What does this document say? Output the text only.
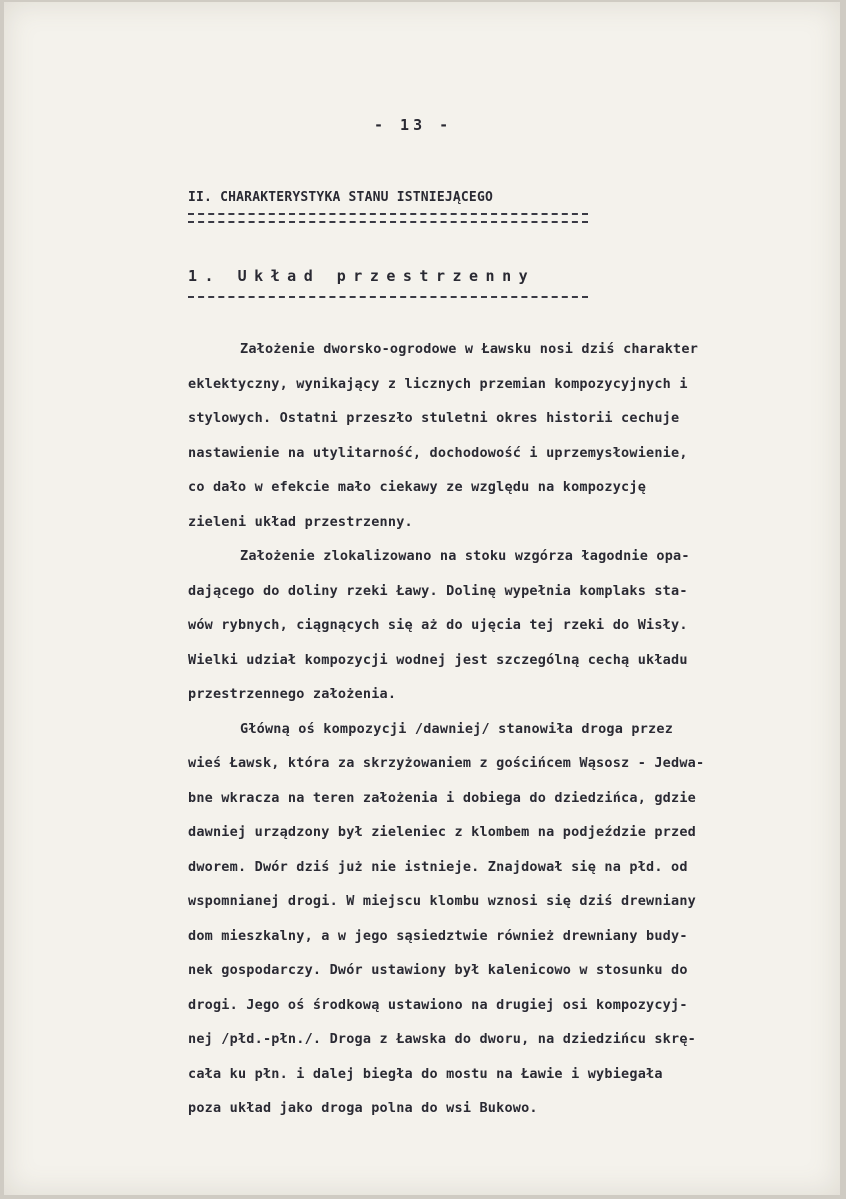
- 13 -
II. CHARAKTERYSTYKA STANU ISTNIEJĄCEGO
1. Układ przestrzenny
Założenie dworsko-ogrodowe w Ławsku nosi dziś charakter
eklektyczny, wynikający z licznych przemian kompozycyjnych i
stylowych. Ostatni przeszło stuletni okres historii cechuje
nastawienie na utylitarność, dochodowość i uprzemysłowienie,
co dało w efekcie mało ciekawy ze względu na kompozycję
zieleni układ przestrzenny.
Założenie zlokalizowano na stoku wzgórza łagodnie opa-
dającego do doliny rzeki Ławy. Dolinę wypełnia komplaks sta-
wów rybnych, ciągnących się aż do ujęcia tej rzeki do Wisły.
Wielki udział kompozycji wodnej jest szczególną cechą układu
przestrzennego założenia.
Główną oś kompozycji /dawniej/ stanowiła droga przez
wieś Ławsk, która za skrzyżowaniem z gościńcem Wąsosz - Jedwa-
bne wkracza na teren założenia i dobiega do dziedzińca, gdzie
dawniej urządzony był zieleniec z klombem na podjeździe przed
dworem. Dwór dziś już nie istnieje. Znajdował się na płd. od
wspomnianej drogi. W miejscu klombu wznosi się dziś drewniany
dom mieszkalny, a w jego sąsiedztwie również drewniany budy-
nek gospodarczy. Dwór ustawiony był kalenicowo w stosunku do
drogi. Jego oś środkową ustawiono na drugiej osi kompozycyj-
nej /płd.-płn./. Droga z Ławska do dworu, na dziedzińcu skrę-
cała ku płn. i dalej biegła do mostu na Ławie i wybiegała
poza układ jako droga polna do wsi Bukowo.
